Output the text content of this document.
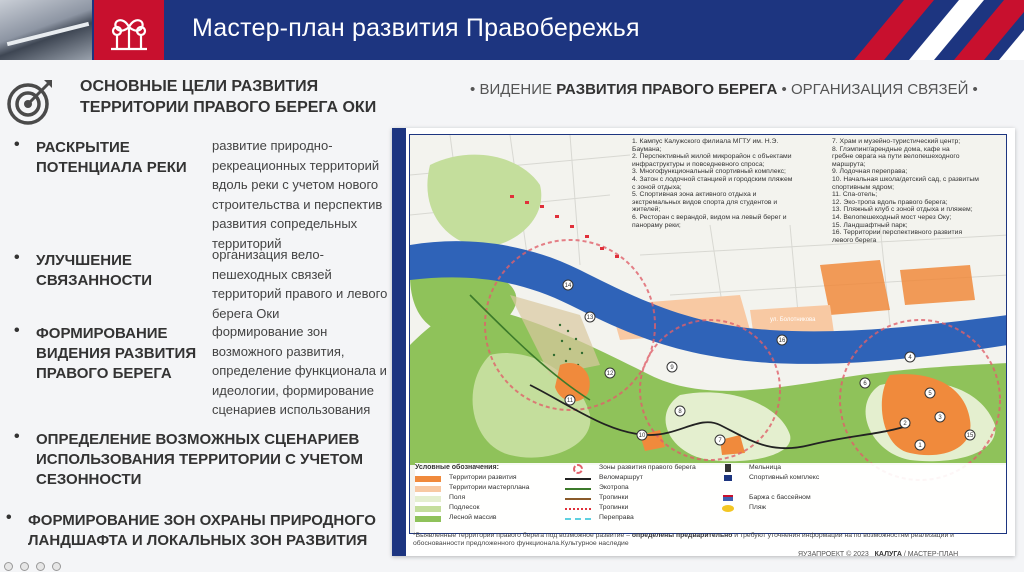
Мастер-план развития Правобережья
ОСНОВНЫЕ ЦЕЛИ РАЗВИТИЯ
ТЕРРИТОРИИ ПРАВОГО БЕРЕГА ОКИ
• РАСКРЫТИЕ
ПОТЕНЦИАЛА РЕКИ
развитие природно-
рекреационных территорий
вдоль реки с учетом нового
строительства и перспектив
развития сопредельных
территорий
• УЛУЧШЕНИЕ
СВЯЗАННОСТИ
организация вело-
пешеходных связей
территорий правого и левого
берега Оки
• ФОРМИРОВАНИЕ
ВИДЕНИЯ РАЗВИТИЯ
ПРАВОГО БЕРЕГА
формирование зон
возможного развития,
определение функционала и
идеологии, формирование
сценариев использования
• ОПРЕДЕЛЕНИЕ ВОЗМОЖНЫХ СЦЕНАРИЕВ
ИСПОЛЬЗОВАНИЯ ТЕРРИТОРИИ С УЧЕТОМ
СЕЗОННОСТИ
• ФОРМИРОВАНИЕ ЗОН ОХРАНЫ ПРИРОДНОГО
ЛАНДШАФТА И ЛОКАЛЬНЫХ ЗОН РАЗВИТИЯ
• ВИДЕНИЕ РАЗВИТИЯ ПРАВОГО БЕРЕГА • ОРГАНИЗАЦИЯ СВЯЗЕЙ •
ул. Болотникова
1
2
3
4
5
6
7
8
9
10
11
12
13
14
15
16
1. Кампус Калужского филиала МГТУ им. Н.Э.
Баумана;
2. Перспективный жилой микрорайон с объектами
инфраструктуры и повседневного спроса;
3. Многофункциональный спортивный комплекс;
4. Затон с лодочной станцией и городским пляжем
с зоной отдыха;
5. Спортивная зона активного отдыха и
экстремальных видов спорта для студентов и
жителей;
6. Ресторан с верандой, видом на левый берег и
панораму реки;
7. Храм и музейно-туристический центр;
8. Глэмпинг/арендные дома, кафе на
гребне оврага на пути велопешеходного
маршрута;
9. Лодочная переправа;
10. Начальная школа/детский сад, с развитым
спортивным ядром;
11. Спа-отель;
12. Эко-тропа вдоль правого берега;
13. Пляжный клуб с зоной отдыха и пляжем;
14. Велопешеходный мост через Оку;
15. Ландшафтный парк;
16. Территории перспективного развития
левого берега
Условные обозначения:
Территории развития
Территории мастерплана
Поля
Подлесок
Лесной массив
Зоны развития правого берега
Веломаршрут
Экотропа
Тропинки
Тропинки
Переправа
Мельница
Спортивный комплекс
Баржа с бассейном
Пляж
*Выявленные территории правого берега под возможное развитие – определены предварительно и требуют уточнения информации на по возможностям реализации и обоснованности предложенного функционала.Культурное наследие
ЯУЗАПРОЕКТ © 2023 КАЛУГА / МАСТЕР-ПЛАН
